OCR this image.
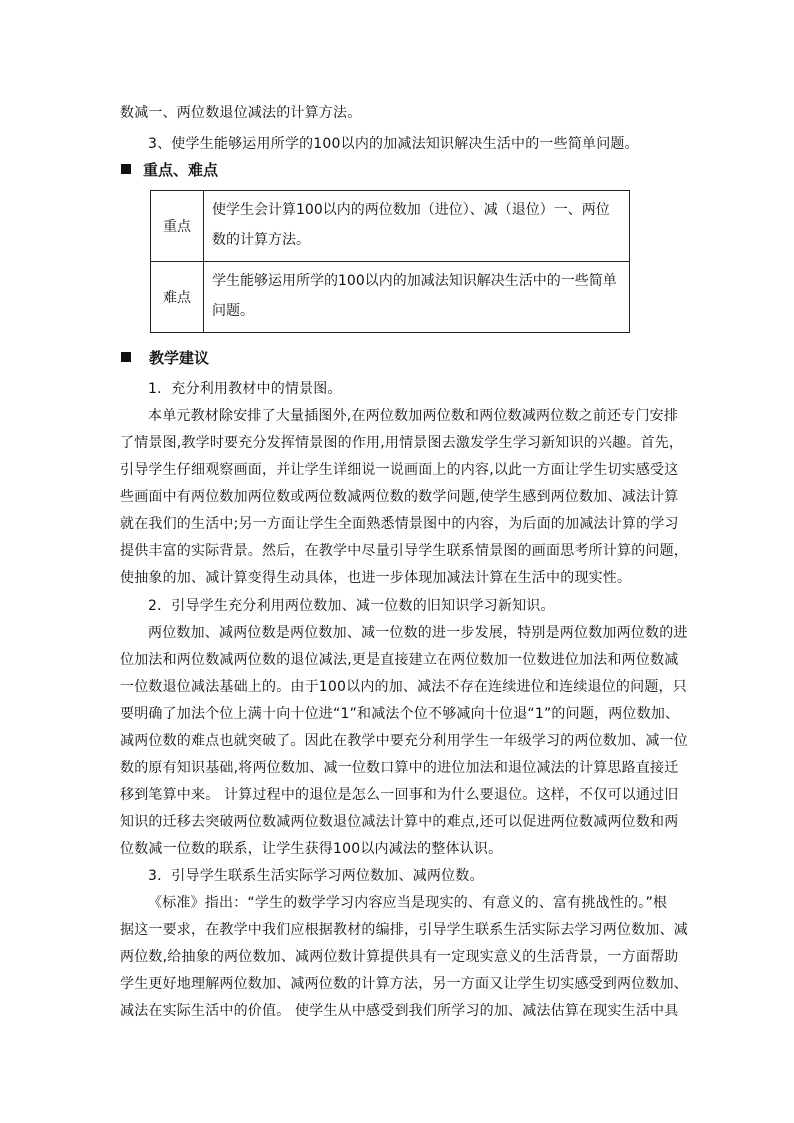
数减一、两位数退位减法的计算方法。
3、使学生能够运用所学的100以内的加减法知识解决生活中的一些简单问题。
重点、难点
重点	使学生会计算100以内的两位数加（进位）、减（退位）一、两位数的计算方法。
难点	学生能够运用所学的100以内的加减法知识解决生活中的一些简单问题。
教学建议
1．充分利用教材中的情景图。
本单元教材除安排了大量插图外,在两位数加两位数和两位数减两位数之前还专门安排
了情景图,教学时要充分发挥情景图的作用,用情景图去激发学生学习新知识的兴趣。首先，
引导学生仔细观察画面，并让学生详细说一说画面上的内容,以此一方面让学生切实感受这
些画面中有两位数加两位数或两位数减两位数的数学问题,使学生感到两位数加、减法计算
就在我们的生活中;另一方面让学生全面熟悉情景图中的内容，为后面的加减法计算的学习
提供丰富的实际背景。然后，在教学中尽量引导学生联系情景图的画面思考所计算的问题，
使抽象的加、减计算变得生动具体，也进一步体现加减法计算在生活中的现实性。
2．引导学生充分利用两位数加、减一位数的旧知识学习新知识。
两位数加、减两位数是两位数加、减一位数的进一步发展，特别是两位数加两位数的进
位加法和两位数减两位数的退位减法,更是直接建立在两位数加一位数进位加法和两位数减
一位数退位减法基础上的。由于100以内的加、减法不存在连续进位和连续退位的问题，只
要明确了加法个位上满十向十位进“1”和减法个位不够减向十位退“1”的问题，两位数加、
减两位数的难点也就突破了。因此在教学中要充分利用学生一年级学习的两位数加、减一位
数的原有知识基础,将两位数加、减一位数口算中的进位加法和退位减法的计算思路直接迁
移到笔算中来。 计算过程中的退位是怎么一回事和为什么要退位。这样，不仅可以通过旧
知识的迁移去突破两位数减两位数退位减法计算中的难点,还可以促进两位数减两位数和两
位数减一位数的联系，让学生获得100以内减法的整体认识。
3．引导学生联系生活实际学习两位数加、减两位数。
《标准》指出：“学生的数学学习内容应当是现实的、有意义的、富有挑战性的。”根
据这一要求，在教学中我们应根据教材的编排，引导学生联系生活实际去学习两位数加、减
两位数,给抽象的两位数加、减两位数计算提供具有一定现实意义的生活背景，一方面帮助
学生更好地理解两位数加、减两位数的计算方法，另一方面又让学生切实感受到两位数加、
减法在实际生活中的价值。 使学生从中感受到我们所学习的加、减法估算在现实生活中具
